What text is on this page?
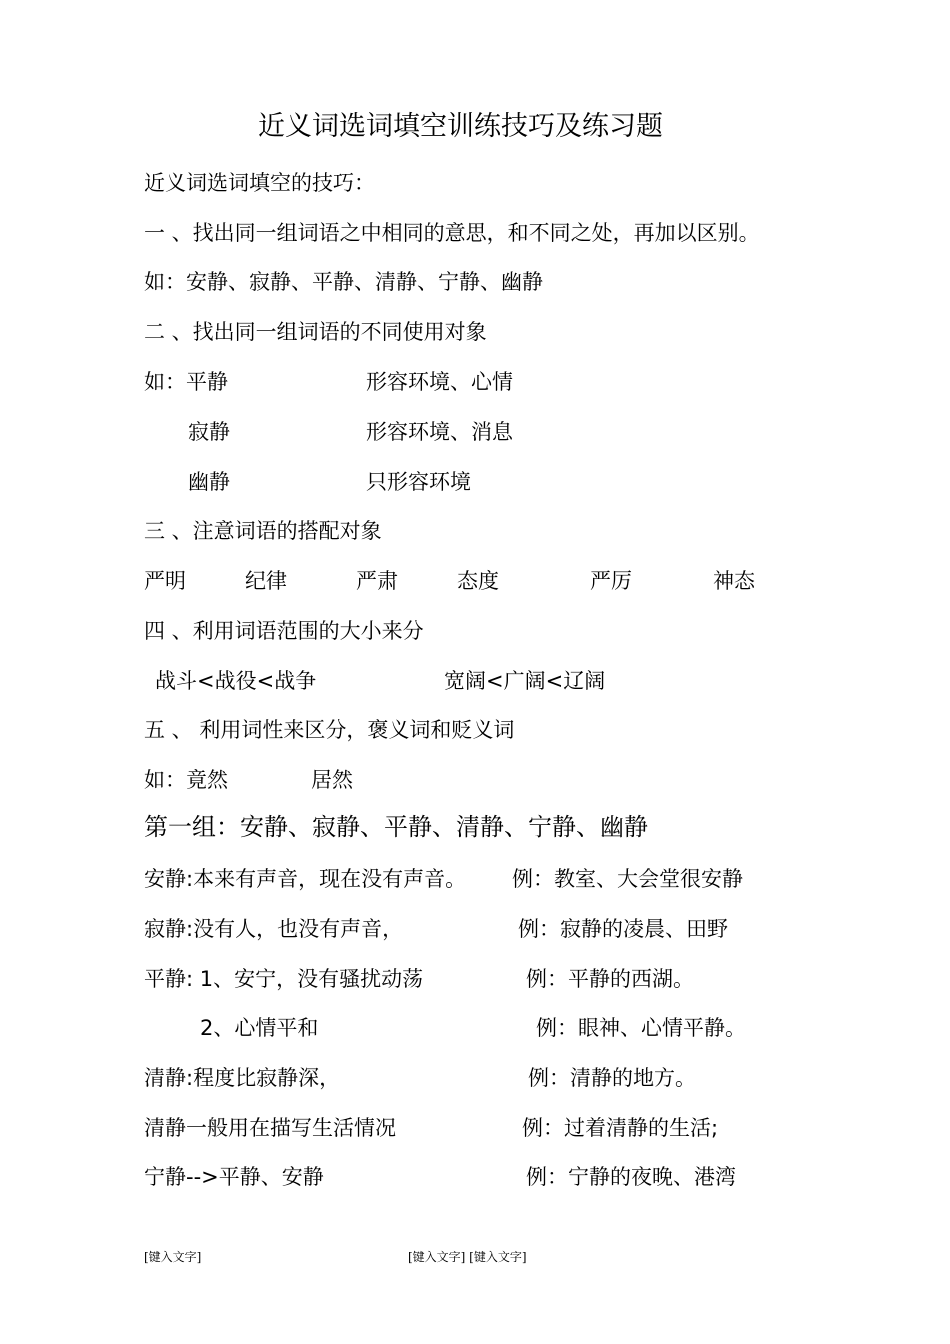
近义词选词填空训练技巧及练习题
近义词选词填空的技巧：
一 、找出同一组词语之中相同的意思，和不同之处，再加以区别。
如：安静、寂静、平静、清静、宁静、幽静
二 、找出同一组词语的不同使用对象
如：平静	形容环境、心情
寂静	形容环境、消息
幽静	只形容环境
三 、注意词语的搭配对象
严明	纪律	严肃	态度	严厉	神态
四 、利用词语范围的大小来分
战斗<战役<战争	宽阔<广阔<辽阔
五 、 利用词性来区分，褒义词和贬义词
如：竟然	居然
第一组：安静、寂静、平静、清静、宁静、幽静
安静:本来有声音，现在没有声音。 例：教室、大会堂很安静
寂静:没有人，也没有声音，	例：寂静的凌晨、田野
平静: 1、安宁，没有骚扰动荡	例：平静的西湖。
2、心情平和	例：眼神、心情平静。
清静:程度比寂静深，	例：清静的地方。
清静一般用在描写生活情况	例：过着清静的生活;
宁静-->平静、安静	例：宁静的夜晚、港湾
[键入文字]	[键入文字] [键入文字]
